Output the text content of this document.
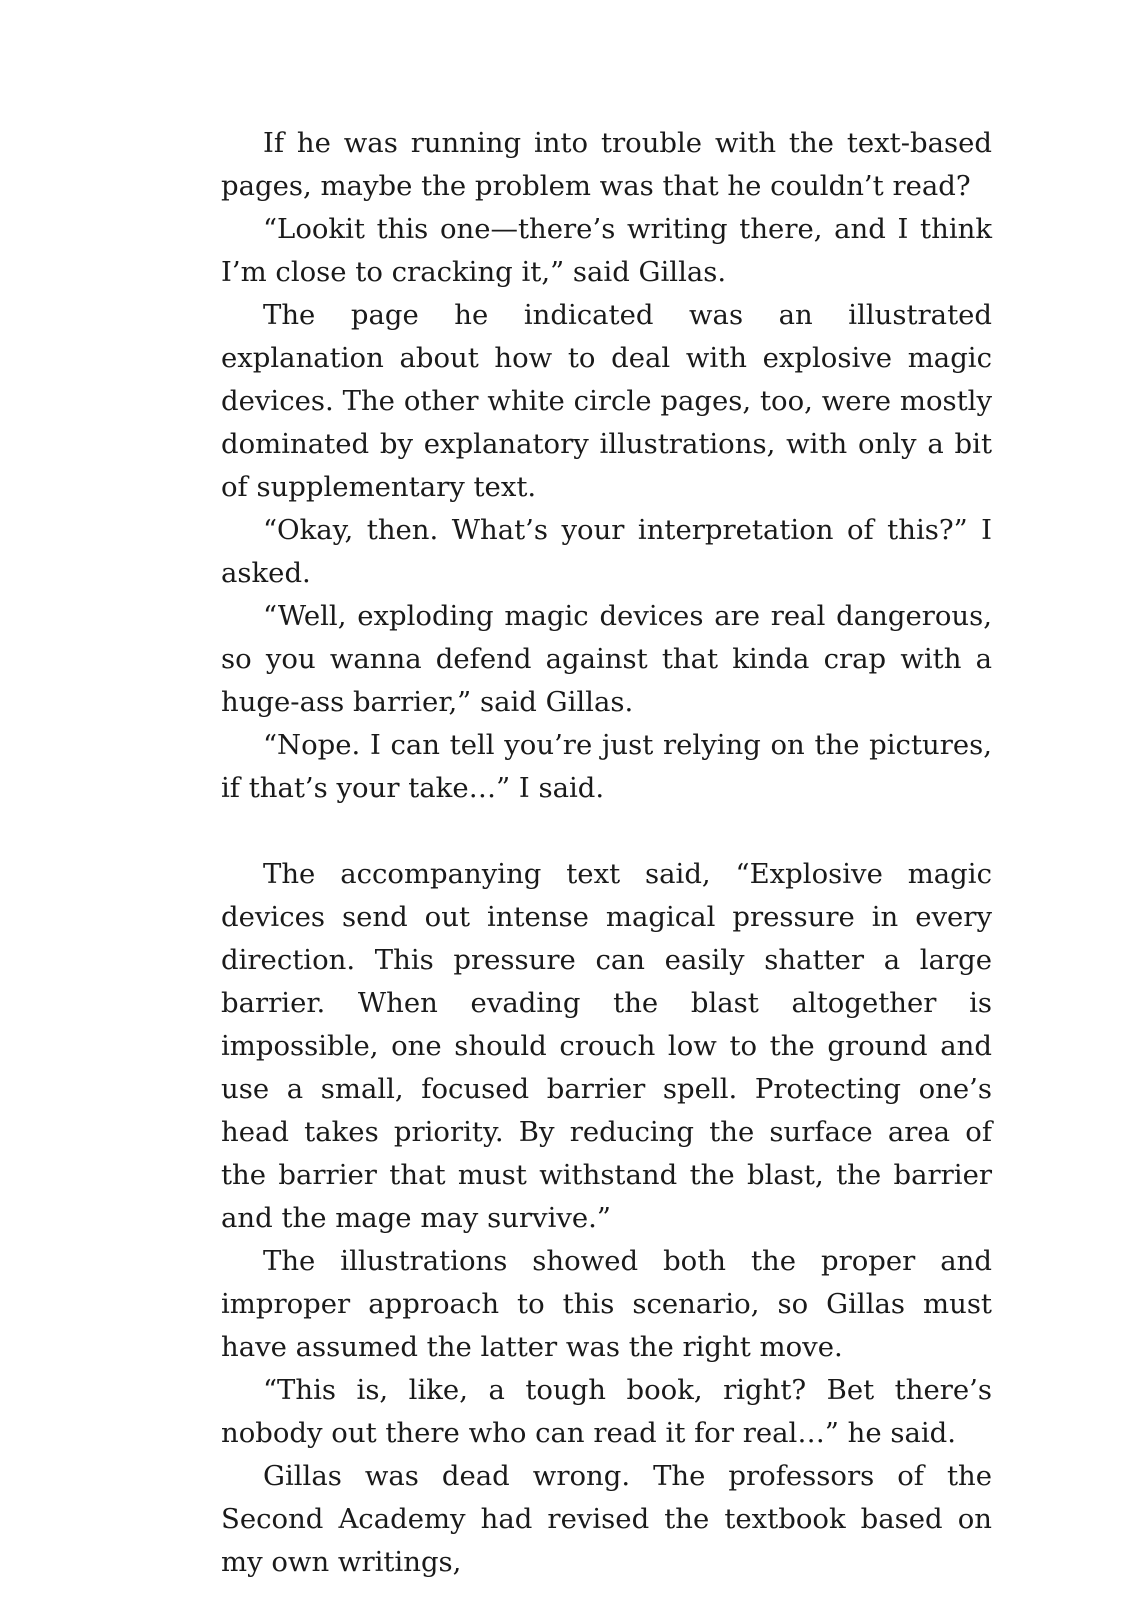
If he was running into trouble with the text-based pages, maybe the problem was that he couldn’t read?

“Lookit this one—there’s writing there, and I think I’m close to cracking it,” said Gillas.

The page he indicated was an illustrated explanation about how to deal with explosive magic devices. The other white circle pages, too, were mostly dominated by explanatory illustrations, with only a bit of supplementary text.

“Okay, then. What’s your interpretation of this?” I asked.

“Well, exploding magic devices are real dangerous, so you wanna defend against that kinda crap with a huge-ass barrier,” said Gillas.

“Nope. I can tell you’re just relying on the pictures, if that’s your take…” I said.

The accompanying text said, “Explosive magic devices send out intense magical pressure in every direction. This pressure can easily shatter a large barrier. When evading the blast altogether is impossible, one should crouch low to the ground and use a small, focused barrier spell. Protecting one’s head takes priority. By reducing the surface area of the barrier that must withstand the blast, the barrier and the mage may survive.”

The illustrations showed both the proper and improper approach to this scenario, so Gillas must have assumed the latter was the right move.

“This is, like, a tough book, right? Bet there’s nobody out there who can read it for real…” he said.

Gillas was dead wrong. The professors of the Second Academy had revised the textbook based on my own writings,
